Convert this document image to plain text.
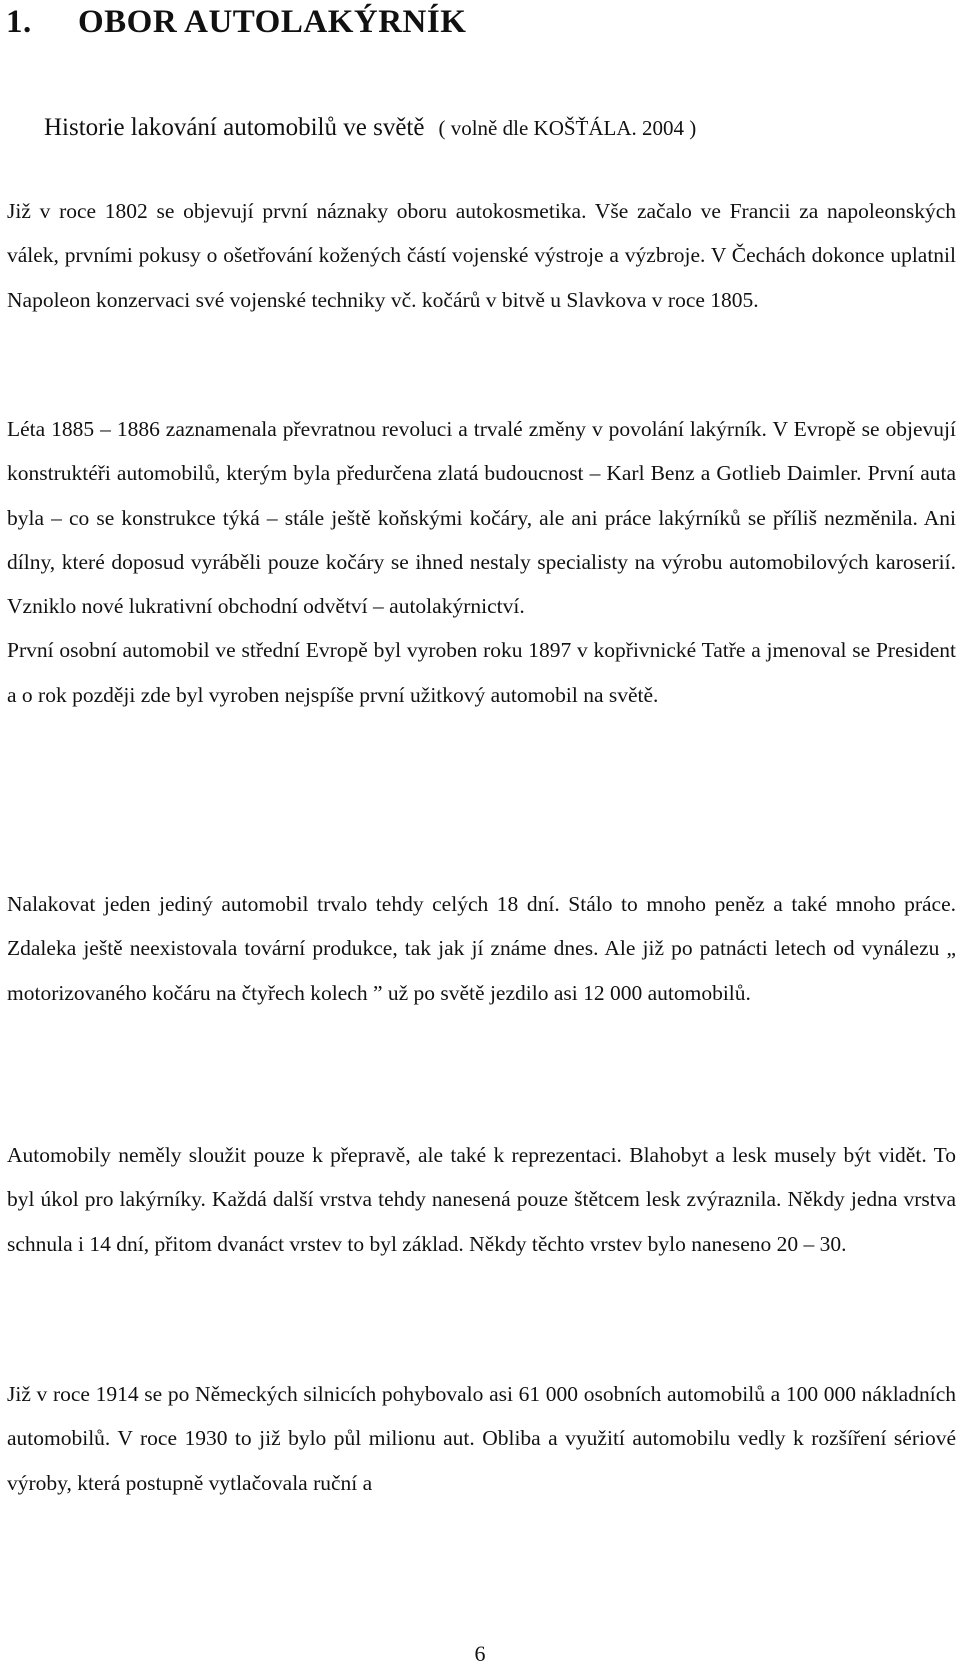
1. OBOR AUTOLAKÝRNÍK
Historie lakování automobilů ve světě ( volně dle KOŠŤÁLA. 2004 )

Již v roce 1802 se objevují první náznaky oboru autokosmetika. Vše začalo ve Francii za napoleonských válek, prvními pokusy o ošetřování kožených částí vojenské výstroje a výzbroje. V Čechách dokonce uplatnil Napoleon konzervaci své vojenské techniky vč. kočárů v bitvě u Slavkova v roce 1805.

Léta 1885 – 1886 zaznamenala převratnou revoluci a trvalé změny v povolání lakýrník. V Evropě se objevují konstruktéři automobilů, kterým byla předurčena zlatá budoucnost – Karl Benz a Gotlieb Daimler. První auta byla – co se konstrukce týká – stále ještě koňskými kočáry, ale ani práce lakýrníků se příliš nezměnila. Ani dílny, které doposud vyráběli pouze kočáry se ihned nestaly specialisty na výrobu automobilových karoserií. Vzniklo nové lukrativní obchodní odvětví – autolakýrnictví.

První osobní automobil ve střední Evropě byl vyroben roku 1897 v kopřivnické Tatře a jmenoval se President a o rok později zde byl vyroben nejspíše první užitkový automobil na světě.

Nalakovat jeden jediný automobil trvalo tehdy celých 18 dní. Stálo to mnoho peněz a také mnoho práce. Zdaleka ještě neexistovala tovární produkce, tak jak jí známe dnes. Ale již po patnácti letech od vynálezu „ motorizovaného kočáru na čtyřech kolech ” už po světě jezdilo asi 12 000 automobilů.

Automobily neměly sloužit pouze k přepravě, ale také k reprezentaci. Blahobyt a lesk musely být vidět. To byl úkol pro lakýrníky. Každá další vrstva tehdy nanesená pouze štětcem lesk zvýraznila. Někdy jedna vrstva schnula i 14 dní, přitom dvanáct vrstev to byl základ. Někdy těchto vrstev bylo naneseno 20 – 30.

Již v roce 1914 se po Německých silnicích pohybovalo asi 61 000 osobních automobilů a 100 000 nákladních automobilů. V roce 1930 to již bylo půl milionu aut. Obliba a využití automobilu vedly k rozšíření sériové výroby, která postupně vytlačovala ruční a

6
